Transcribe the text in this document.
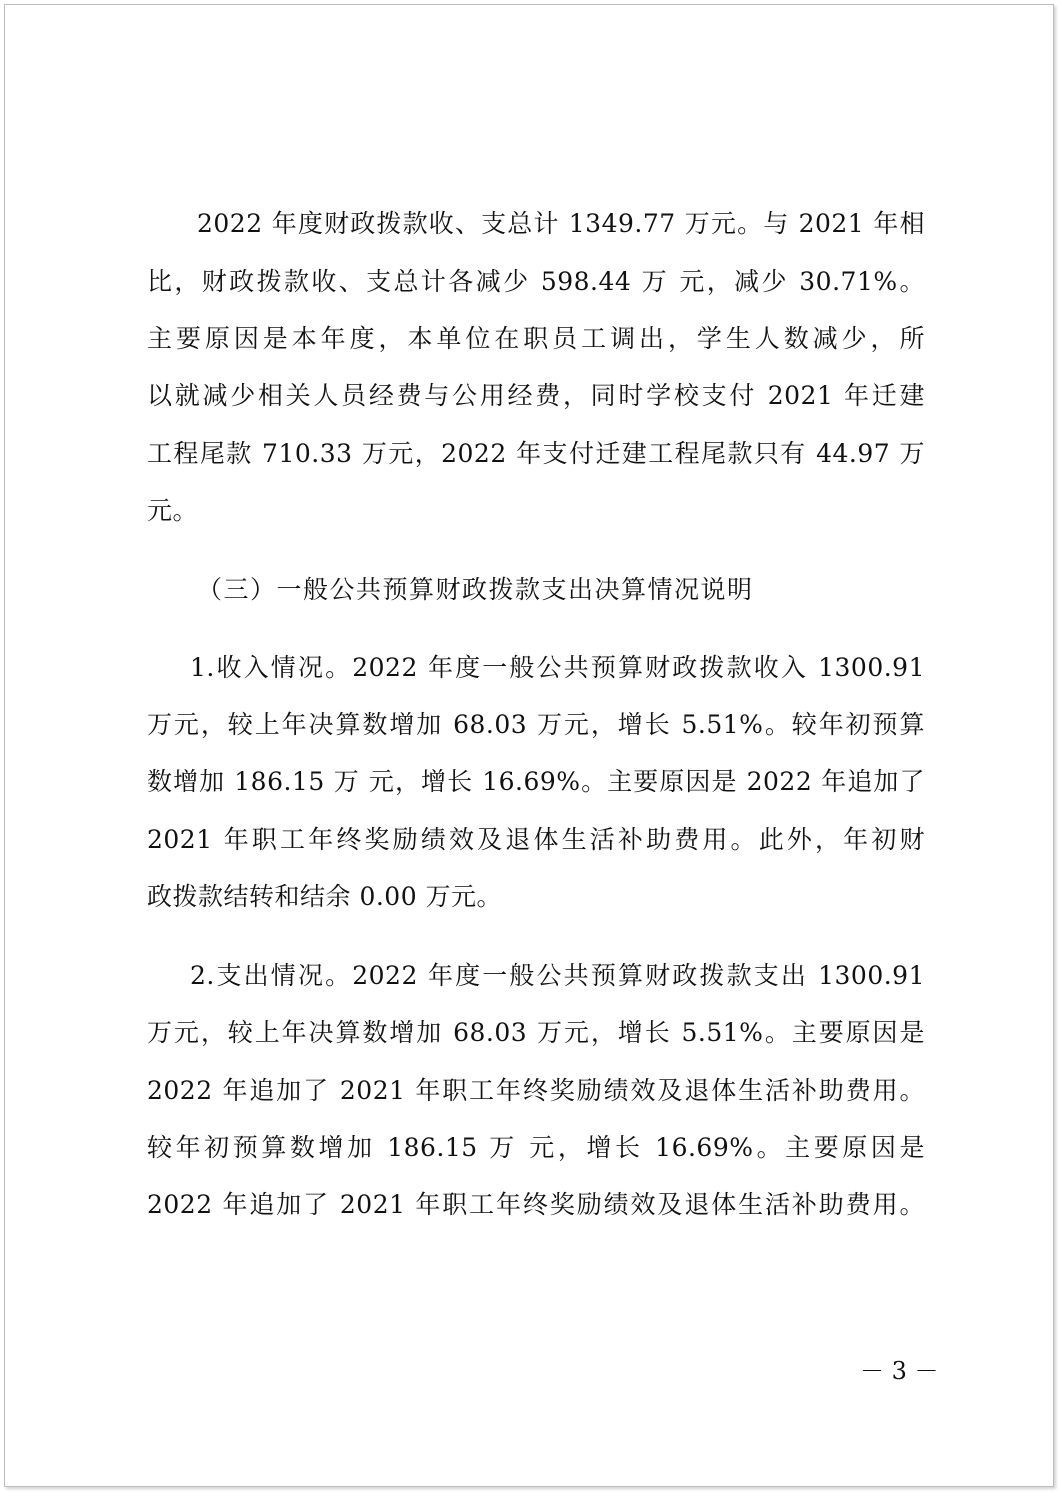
2022 年度财政拨款收、支总计 1349.77 万元。与 2021 年相
比，财政拨款收、支总计各减少 598.44 万 元，减少 30.71%。
主要原因是本年度，本单位在职员工调出，学生人数减少，所
以就减少相关人员经费与公用经费，同时学校支付 2021 年迁建
工程尾款 710.33 万元，2022 年支付迁建工程尾款只有 44.97 万
元。
（三）一般公共预算财政拨款支出决算情况说明
1.收入情况。2022 年度一般公共预算财政拨款收入 1300.91
万元，较上年决算数增加 68.03 万元，增长 5.51%。较年初预算
数增加 186.15 万 元，增长 16.69%。主要原因是 2022 年追加了
2021 年职工年终奖励绩效及退体生活补助费用。此外，年初财
政拨款结转和结余 0.00 万元。
2.支出情况。2022 年度一般公共预算财政拨款支出 1300.91
万元，较上年决算数增加 68.03 万元，增长 5.51%。主要原因是
2022 年追加了 2021 年职工年终奖励绩效及退体生活补助费用。
较年初预算数增加 186.15 万 元，增长 16.69%。主要原因是
2022 年追加了 2021 年职工年终奖励绩效及退体生活补助费用。
－ 3 －
